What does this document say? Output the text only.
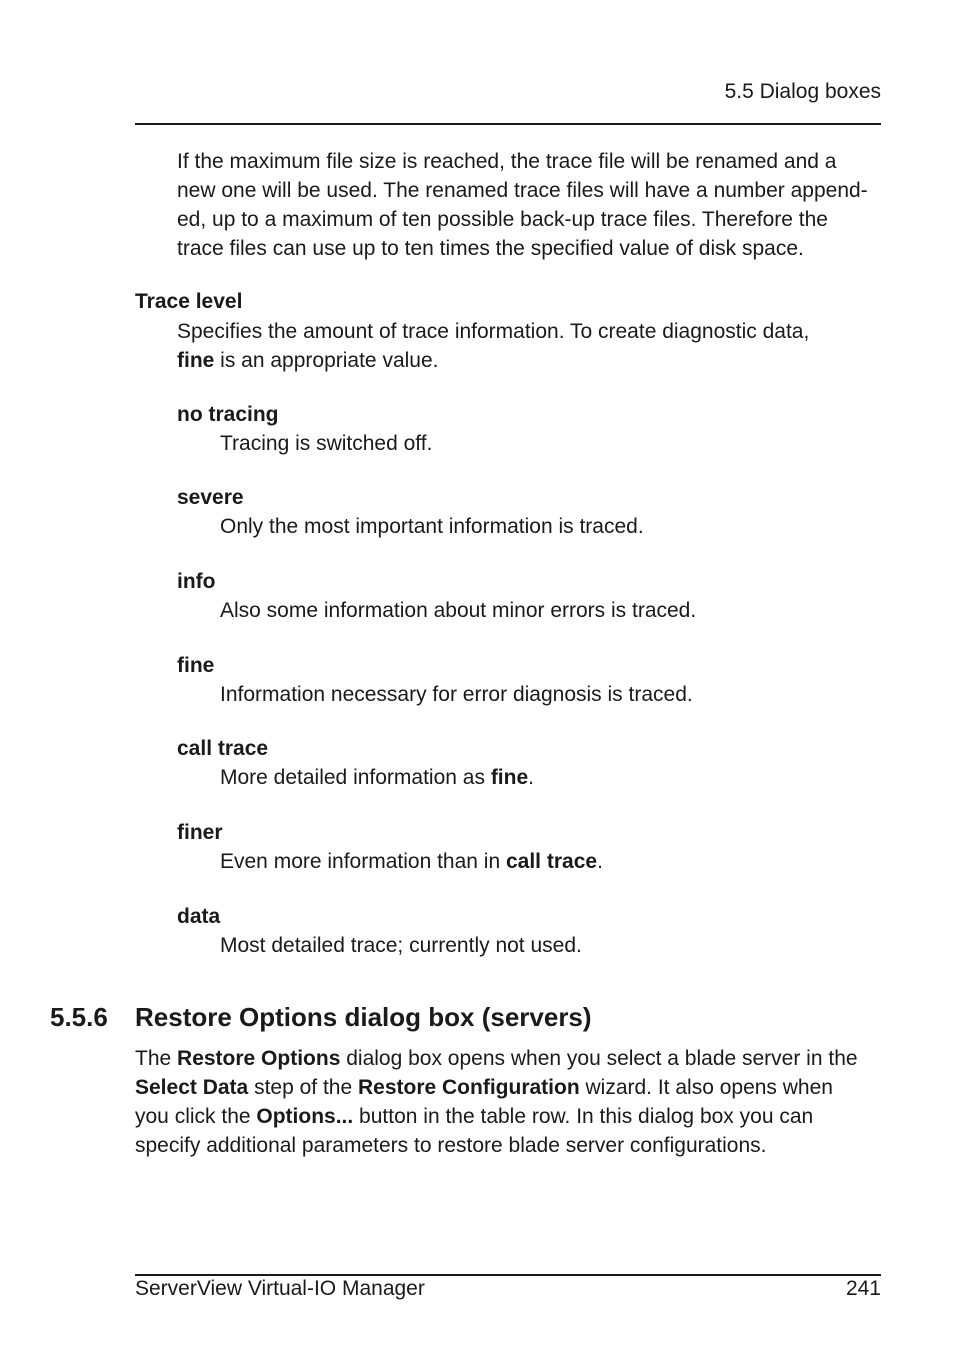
5.5 Dialog boxes
If the maximum file size is reached, the trace file will be renamed and a
new one will be used. The renamed trace files will have a number append-
ed, up to a maximum of ten possible back-up trace files. Therefore the
trace files can use up to ten times the specified value of disk space.
Trace level
Specifies the amount of trace information. To create diagnostic data,
fine is an appropriate value.
no tracing
Tracing is switched off.
severe
Only the most important information is traced.
info
Also some information about minor errors is traced.
fine
Information necessary for error diagnosis is traced.
call trace
More detailed information as fine.
finer
Even more information than in call trace.
data
Most detailed trace; currently not used.
5.5.6 Restore Options dialog box (servers)
The Restore Options dialog box opens when you select a blade server in the
Select Data step of the Restore Configuration wizard. It also opens when
you click the Options... button in the table row. In this dialog box you can
specify additional parameters to restore blade server configurations.
ServerView Virtual-IO Manager	241
